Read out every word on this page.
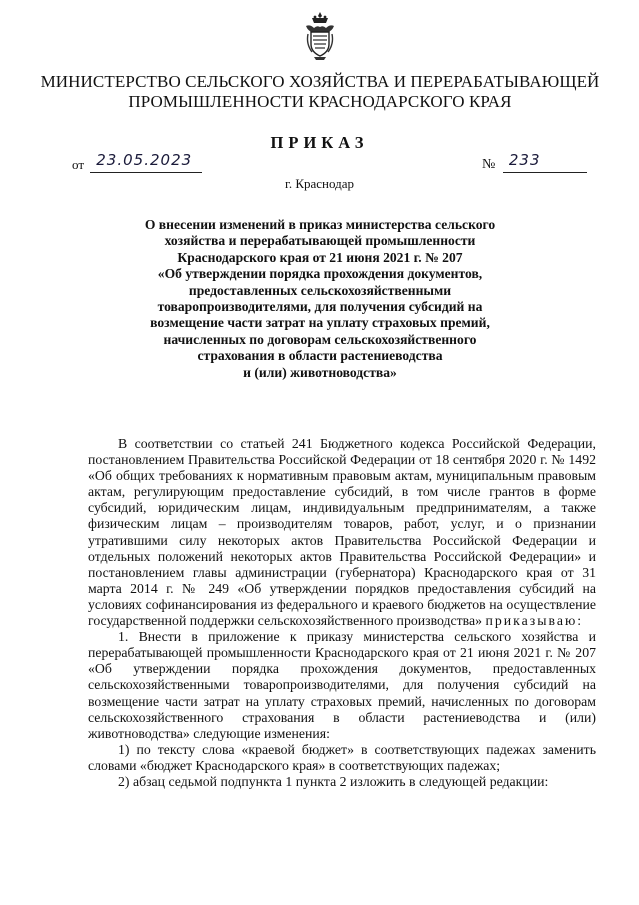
МИНИСТЕРСТВО СЕЛЬСКОГО ХОЗЯЙСТВА И ПЕРЕРАБАТЫВАЮЩЕЙ
ПРОМЫШЛЕННОСТИ КРАСНОДАРСКОГО КРАЯ
ПРИКАЗ
от 23.05.2023	№ 233
г. Краснодар
О внесении изменений в приказ министерства сельского
хозяйства и перерабатывающей промышленности
Краснодарского края от 21 июня 2021 г. № 207
«Об утверждении порядка прохождения документов,
предоставленных сельскохозяйственными
товаропроизводителями, для получения субсидий на
возмещение части затрат на уплату страховых премий,
начисленных по договорам сельскохозяйственного
страхования в области растениеводства
и (или) животноводства»

В соответствии со статьей 241 Бюджетного кодекса Российской Федерации, постановлением Правительства Российской Федерации от 18 сентября 2020 г. № 1492 «Об общих требованиях к нормативным правовым актам, муниципальным правовым актам, регулирующим предоставление субсидий, в том числе грантов в форме субсидий, юридическим лицам, индивидуальным предпринимателям, а также физическим лицам – производителям товаров, работ, услуг, и о признании утратившими силу некоторых актов Правительства Российской Федерации и отдельных положений некоторых актов Правительства Российской Федерации» и постановлением главы администрации (губернатора) Краснодарского края от 31 марта 2014 г. № 249 «Об утверждении порядков предоставления субсидий на условиях софинансирования из федерального и краевого бюджетов на осуществление государственной поддержки сельскохозяйственного производства» приказываю:

1. Внести в приложение к приказу министерства сельского хозяйства и перерабатывающей промышленности Краснодарского края от 21 июня 2021 г. № 207 «Об утверждении порядка прохождения документов, предоставленных сельскохозяйственными товаропроизводителями, для получения субсидий на возмещение части затрат на уплату страховых премий, начисленных по договорам сельскохозяйственного страхования в области растениеводства и (или) животноводства» следующие изменения:

1) по тексту слова «краевой бюджет» в соответствующих падежах заменить словами «бюджет Краснодарского края» в соответствующих падежах;

2) абзац седьмой подпункта 1 пункта 2 изложить в следующей редакции:
